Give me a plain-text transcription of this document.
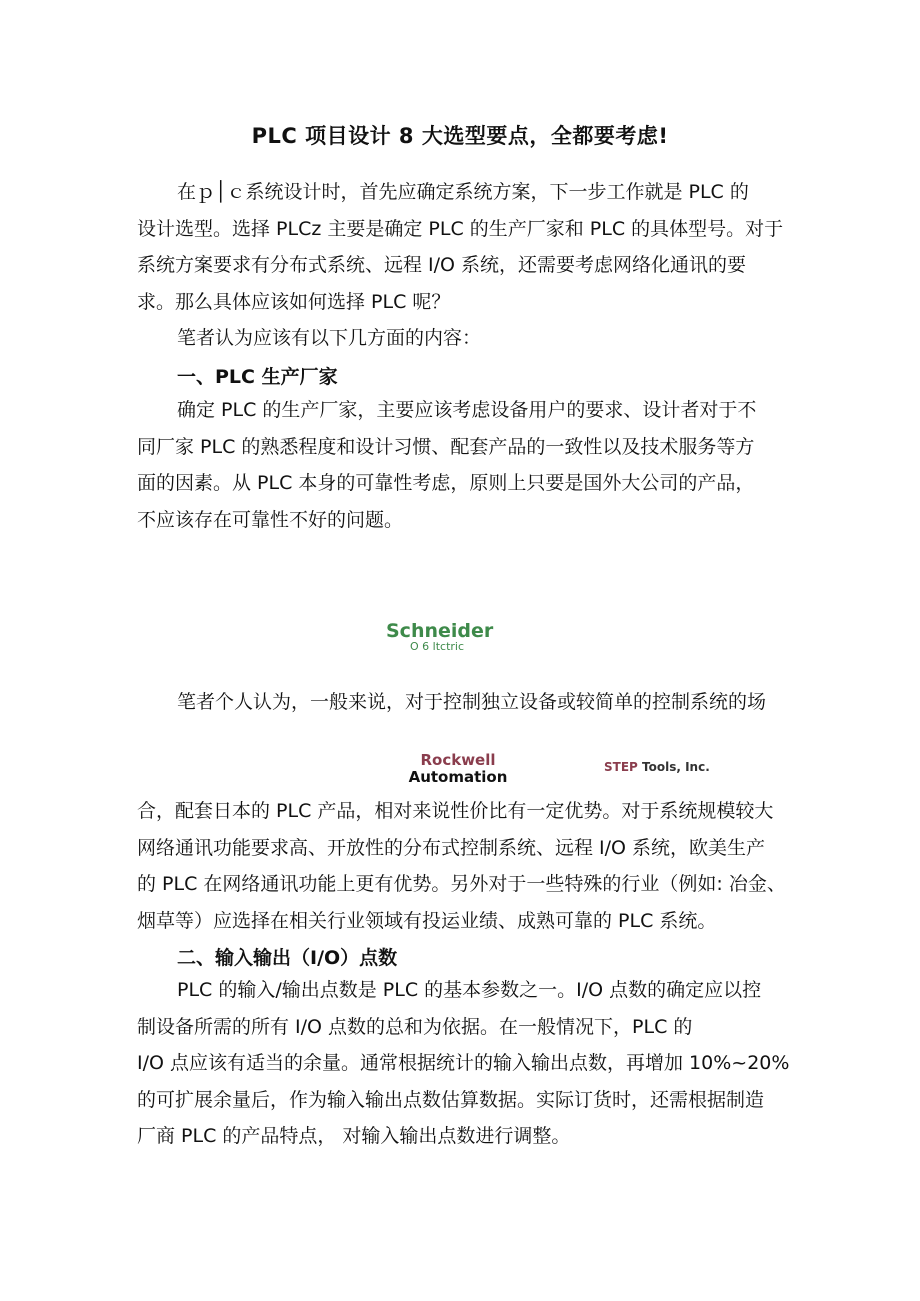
PLC 项目设计 8 大选型要点，全都要考虑!
在ｐ│ｃ系统设计时，首先应确定系统方案，下一步工作就是 PLC 的
设计选型。选择 PLCz 主要是确定 PLC 的生产厂家和 PLC 的具体型号。对于
系统方案要求有分布式系统、远程 I/O 系统，还需要考虑网络化通讯的要
求。那么具体应该如何选择 PLC 呢？
笔者认为应该有以下几方面的内容：
一、PLC 生产厂家
确定 PLC 的生产厂家，主要应该考虑设备用户的要求、设计者对于不
同厂家 PLC 的熟悉程度和设计习惯、配套产品的一致性以及技术服务等方
面的因素。从 PLC 本身的可靠性考虑，原则上只要是国外大公司的产品，
不应该存在可靠性不好的问题。
Schneider
O 6 ltctric
笔者个人认为，一般来说，对于控制独立设备或较简单的控制系统的场
Rockwell
Automation
STEP Tools, Inc.
合，配套日本的 PLC 产品，相对来说性价比有一定优势。对于系统规模较大
网络通讯功能要求高、开放性的分布式控制系统、远程 I/O 系统，欧美生产
的 PLC 在网络通讯功能上更有优势。另外对于一些特殊的行业（例如: 冶金、
烟草等）应选择在相关行业领域有投运业绩、成熟可靠的 PLC 系统。
二、输入输出（I/O）点数
PLC 的输入/输出点数是 PLC 的基本参数之一。I/O 点数的确定应以控
制设备所需的所有 I/O 点数的总和为依据。在一般情况下，PLC 的
I/O 点应该有适当的余量。通常根据统计的输入输出点数，再增加 10%~20%
的可扩展余量后，作为输入输出点数估算数据。实际订货时，还需根据制造
厂商 PLC 的产品特点， 对输入输出点数进行调整。
